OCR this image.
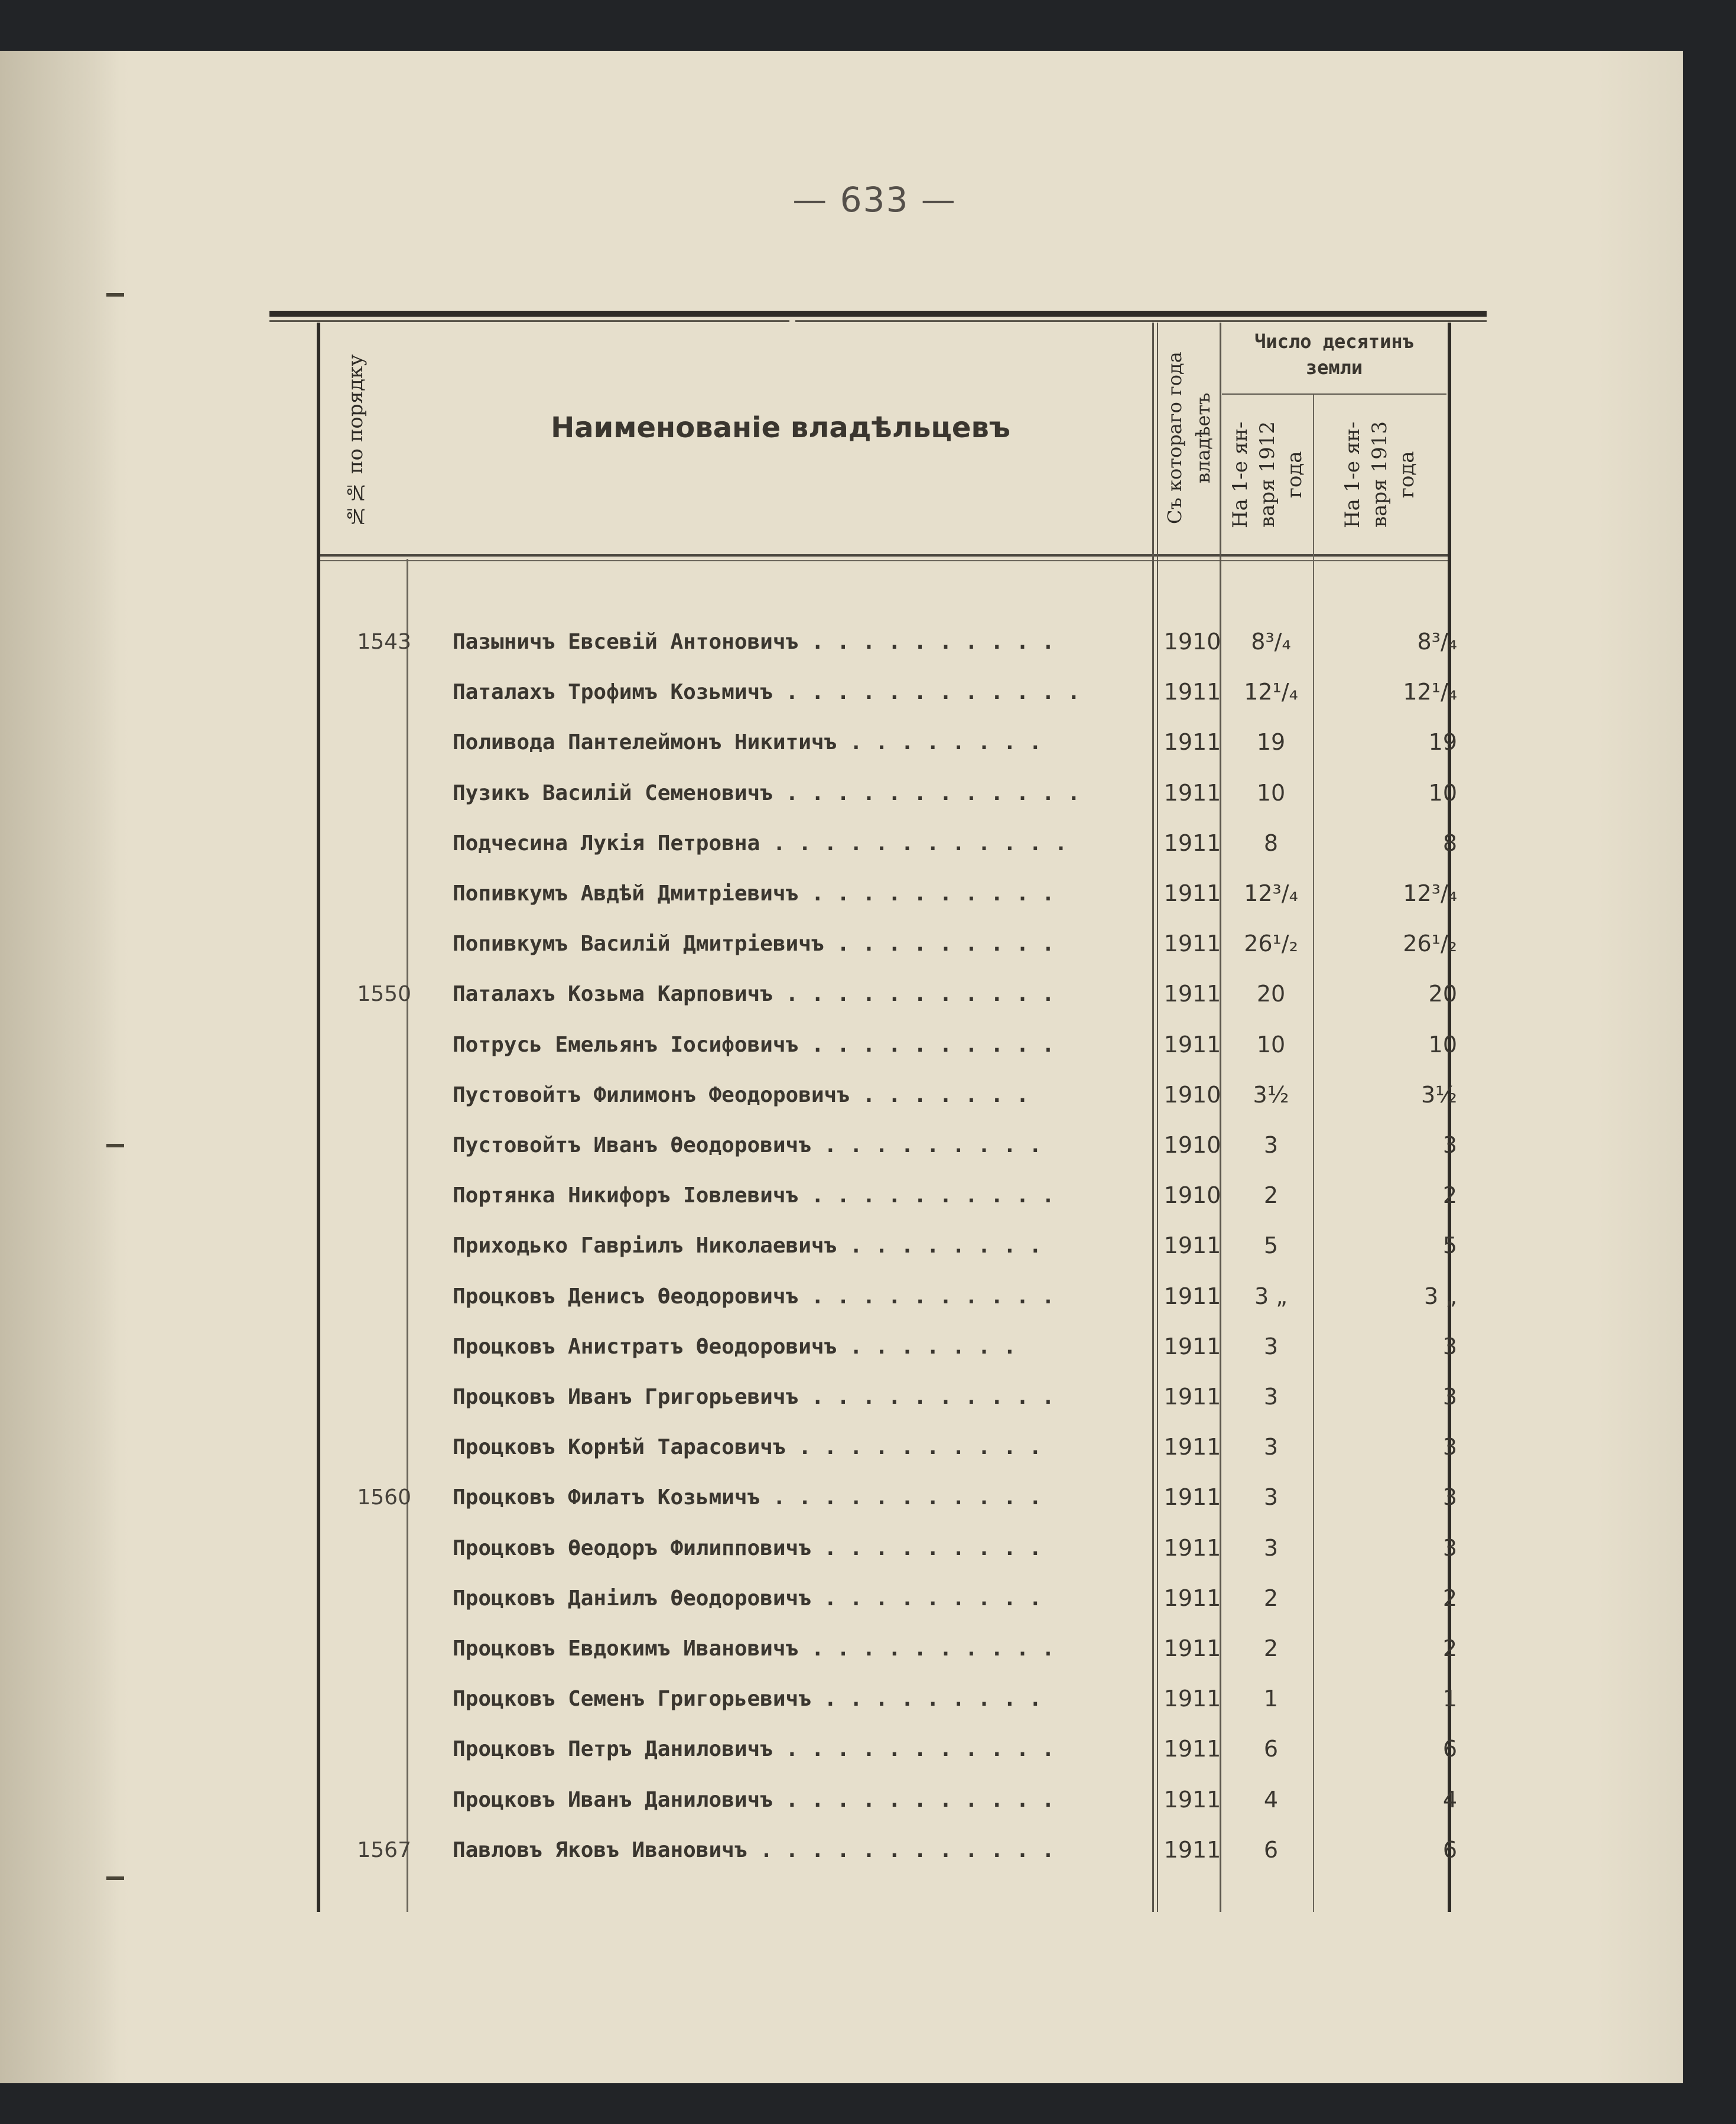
— 633 —
№№ по порядку	Наименованіе владѣльцевъ	Съ котораго года владѣетъ
Число десятинъ земли
На 1-е ян-варя 1912 года На 1-е ян-варя 1913 года
1543 Пазыничъ Евсевій Антоновичъ . . . . . . . . . .	1910	8³/₄	8³/₄
Паталахъ Трофимъ Козьмичъ . . . . . . . . . . . .	1911	12¹/₄	12¹/₄
Поливода Пантелеймонъ Никитичъ . . . . . . . .	1911	19	19
Пузикъ Василій Семеновичъ . . . . . . . . . . . .	1911	10	10
Подчесина Лукія Петровна . . . . . . . . . . . .	1911	8	8
Попивкумъ Авдѣй Дмитріевичъ . . . . . . . . . .	1911	12³/₄	12³/₄
Попивкумъ Василій Дмитріевичъ . . . . . . . . .	1911	26¹/₂	26¹/₂
1550 Паталахъ Козьма Карповичъ . . . . . . . . . . .	1911	20	20
Потрусь Емельянъ Іосифовичъ . . . . . . . . . .	1911	10	10
Пустовойтъ Филимонъ Феодоровичъ . . . . . . .	1910	3½	3½
Пустовойтъ Иванъ Ѳеодоровичъ . . . . . . . . .	1910	3	3
Портянка Никифоръ Іовлевичъ . . . . . . . . . .	1910	2	2
Приходько Гавріилъ Николаевичъ . . . . . . . .	1911	5	5
Процковъ Денисъ Ѳеодоровичъ . . . . . . . . . .	1911	3 „	3 „
Процковъ Анистратъ Ѳеодоровичъ . . . . . . .	1911	3	3
Процковъ Иванъ Григорьевичъ . . . . . . . . . .	1911	3	3
Процковъ Корнѣй Тарасовичъ . . . . . . . . . .	1911	3	3
1560 Процковъ Филатъ Козьмичъ . . . . . . . . . . .	1911	3	3
Процковъ Ѳеодоръ Филипповичъ . . . . . . . . .	1911	3	3
Процковъ Даніилъ Ѳеодоровичъ . . . . . . . . .	1911	2	2
Процковъ Евдокимъ Ивановичъ . . . . . . . . . .	1911	2	2
Процковъ Семенъ Григорьевичъ . . . . . . . . .	1911	1	1
Процковъ Петръ Даниловичъ . . . . . . . . . . .	1911	6	6
Процковъ Иванъ Даниловичъ . . . . . . . . . . .	1911	4	4
1567 Павловъ Яковъ Ивановичъ . . . . . . . . . . . .	1911	6	6
